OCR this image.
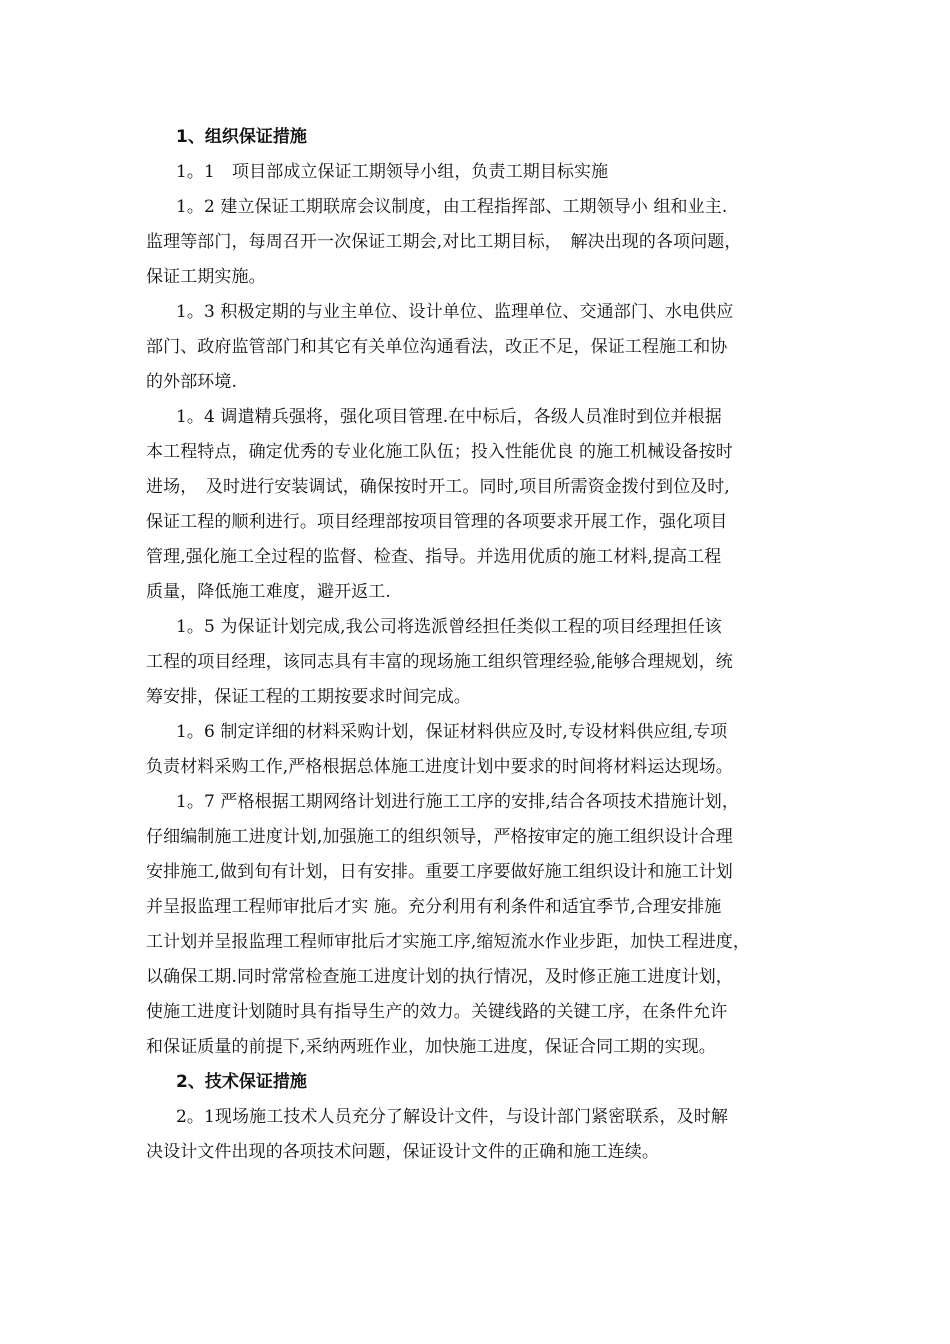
1、组织保证措施
1。1　项目部成立保证工期领导小组，负责工期目标实施
1。2 建立保证工期联席会议制度，由工程指挥部、工期领导小 组和业主.
监理等部门，每周召开一次保证工期会,对比工期目标，　解决出现的各项问题，
保证工期实施。
1。3 积极定期的与业主单位、设计单位、监理单位、交通部门、水电供应
部门、政府监管部门和其它有关单位沟通看法，改正不足，保证工程施工和协
的外部环境.
1。4 调遣精兵强将，强化项目管理.在中标后，各级人员准时到位并根据
本工程特点，确定优秀的专业化施工队伍；投入性能优良 的施工机械设备按时
进场，　及时进行安装调试，确保按时开工。同时,项目所需资金拨付到位及时,
保证工程的顺利进行。项目经理部按项目管理的各项要求开展工作，强化项目
管理,强化施工全过程的监督、检查、指导。并选用优质的施工材料,提高工程
质量，降低施工难度，避开返工.
1。5 为保证计划完成,我公司将选派曾经担任类似工程的项目经理担任该
工程的项目经理，该同志具有丰富的现场施工组织管理经验,能够合理规划，统
筹安排，保证工程的工期按要求时间完成。
1。6 制定详细的材料采购计划，保证材料供应及时,专设材料供应组,专项
负责材料采购工作,严格根据总体施工进度计划中要求的时间将材料运达现场。
1。7 严格根据工期网络计划进行施工工序的安排,结合各项技术措施计划，
仔细编制施工进度计划,加强施工的组织领导，严格按审定的施工组织设计合理
安排施工,做到旬有计划，日有安排。重要工序要做好施工组织设计和施工计划
并呈报监理工程师审批后才实 施。充分利用有利条件和适宜季节,合理安排施
工计划并呈报监理工程师审批后才实施工序,缩短流水作业步距，加快工程进度，
以确保工期.同时常常检查施工进度计划的执行情况，及时修正施工进度计划，
使施工进度计划随时具有指导生产的效力。关键线路的关键工序，在条件允许
和保证质量的前提下,采纳两班作业，加快施工进度，保证合同工期的实现。
2、技术保证措施
2。1现场施工技术人员充分了解设计文件，与设计部门紧密联系，及时解
决设计文件出现的各项技术问题，保证设计文件的正确和施工连续。
